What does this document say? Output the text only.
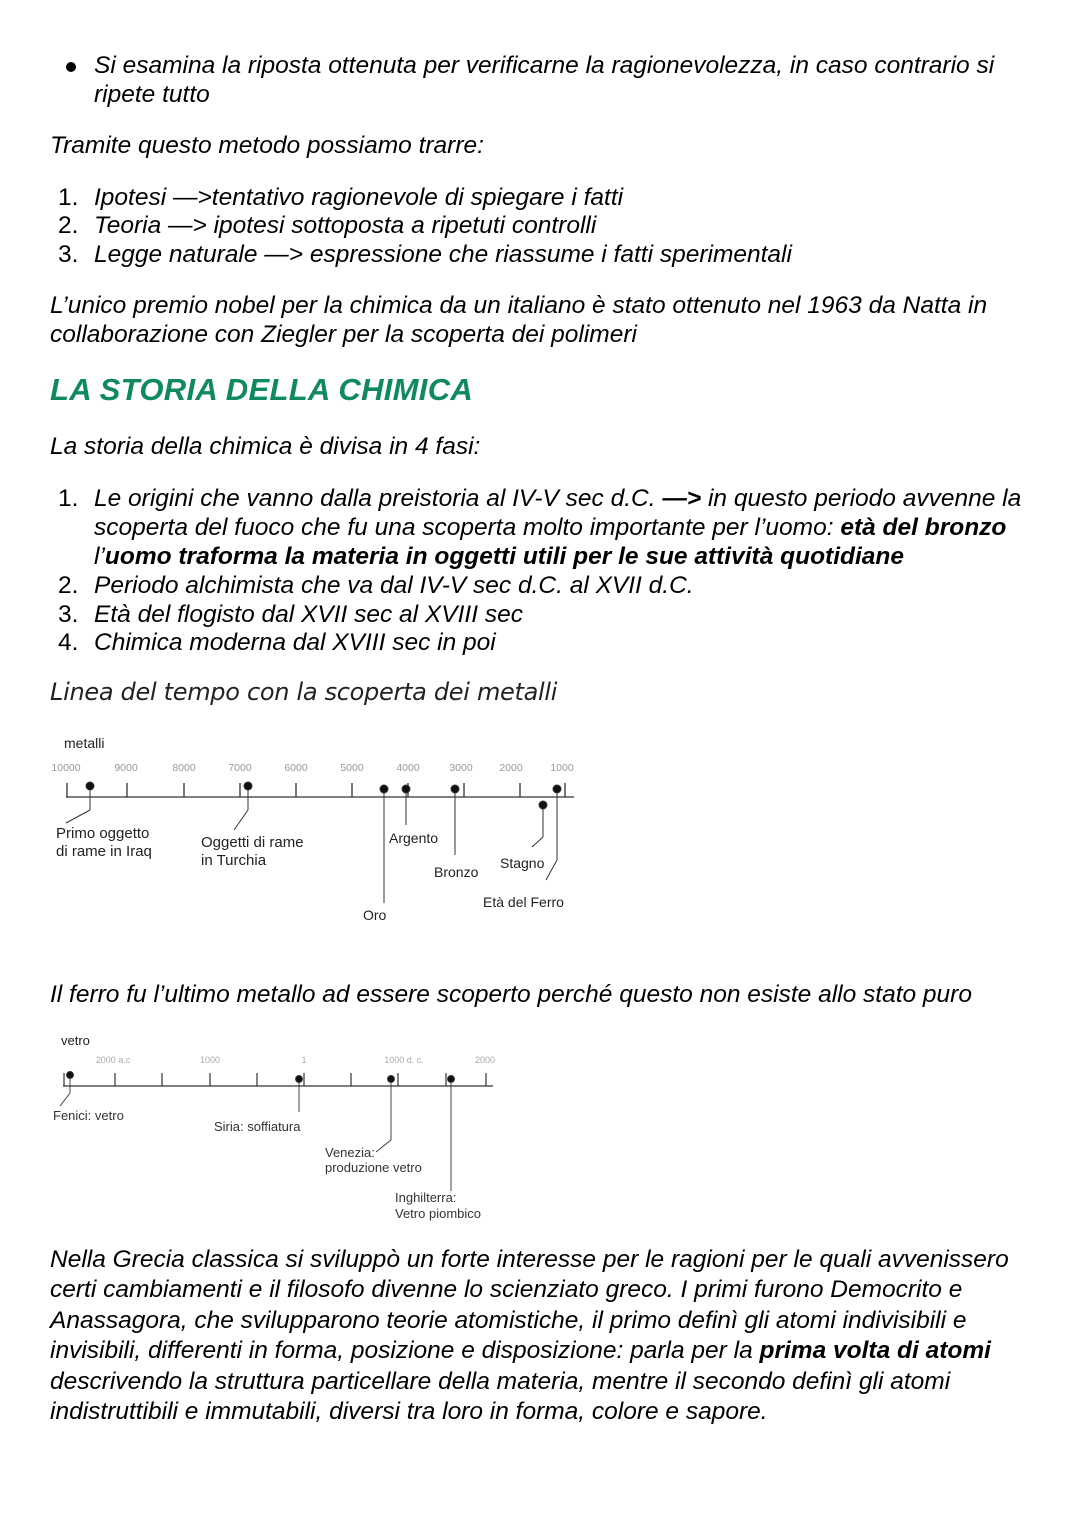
Si esamina la riposta ottenuta per verificarne la ragionevolezza, in caso contrario si ripete tutto
Tramite questo metodo possiamo trarre:
1. Ipotesi —>tentativo ragionevole di spiegare i fatti
2. Teoria —> ipotesi sottoposta a ripetuti controlli
3. Legge naturale —> espressione che riassume i fatti sperimentali
L’unico premio nobel per la chimica da un italiano è stato ottenuto nel 1963 da Natta in collaborazione con Ziegler per la scoperta dei polimeri
LA STORIA DELLA CHIMICA
La storia della chimica è divisa in 4 fasi:
1. Le origini che vanno dalla preistoria al IV-V sec d.C. —> in questo periodo avvenne la scoperta del fuoco che fu una scoperta molto importante per l’uomo: età del bronzo l’uomo traforma la materia in oggetti utili per le sue attività quotidiane
2. Periodo alchimista che va dal IV-V sec d.C. al XVII d.C.
3. Età del flogisto dal XVII sec al XVIII sec
4. Chimica moderna dal XVIII sec in poi
Linea del tempo con la scoperta dei metalli
metalli
10000	9000	8000	7000	6000	5000	4000	3000	2000	1000
Primo oggetto
di rame in Iraq
Oggetti di rame
in Turchia
Argento
Bronzo
Stagno
Età del Ferro
Oro
Il ferro fu l’ultimo metallo ad essere scoperto perché questo non esiste allo stato puro
vetro
2000 a.c	1000	1	1000 d. c.	2000
Fenici: vetro
Siria: soffiatura
Venezia:
produzione vetro
Inghilterra:
Vetro piombico
Nella Grecia classica si sviluppò un forte interesse per le ragioni per le quali avvenissero certi cambiamenti e il filosofo divenne lo scienziato greco. I primi furono Democrito e Anassagora, che svilupparono teorie atomistiche, il primo definì gli atomi indivisibili e invisibili, differenti in forma, posizione e disposizione: parla per la prima volta di atomi descrivendo la struttura particellare della materia, mentre il secondo definì gli atomi indistruttibili e immutabili, diversi tra loro in forma, colore e sapore.
